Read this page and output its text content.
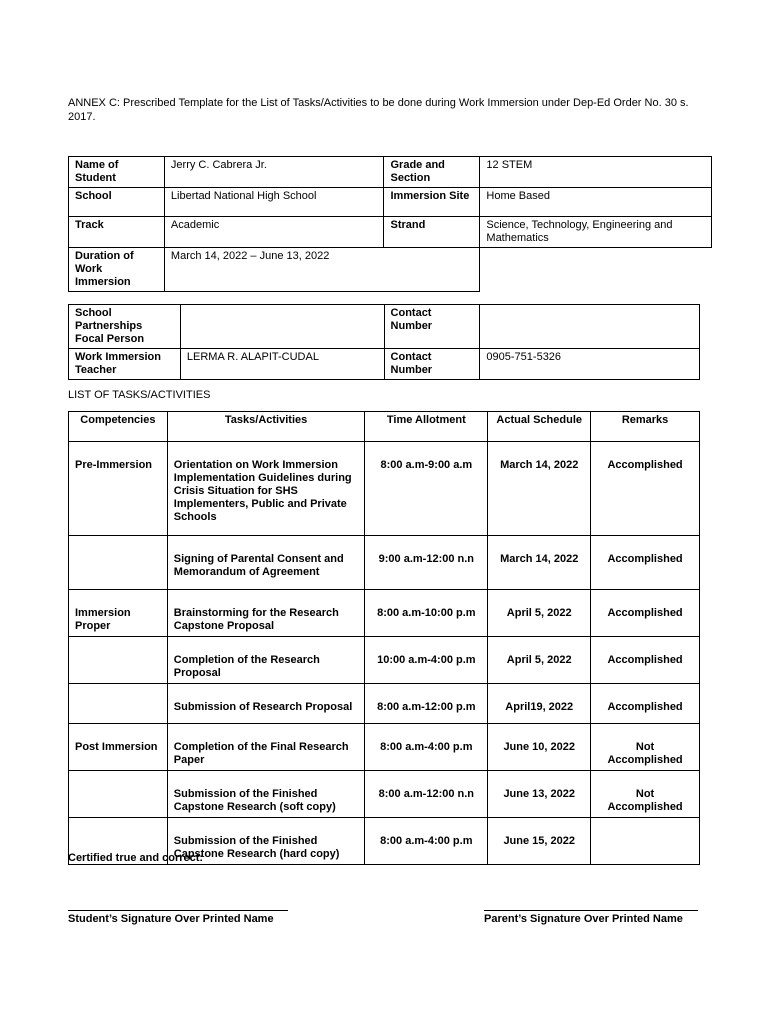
ANNEX C: Prescribed Template for the List of Tasks/Activities to be done during Work Immersion under Dep-Ed Order No. 30 s. 2017.
Name of Student	Jerry C. Cabrera Jr.	Grade and Section	12 STEM
School	Libertad National High School	Immersion Site	Home Based
Track	Academic	Strand	Science, Technology, Engineering and Mathematics
Duration of Work Immersion	March 14, 2022 – June 13, 2022		
School Partnerships Focal Person		Contact Number	
Work Immersion Teacher	LERMA R. ALAPIT-CUDAL	Contact Number	0905-751-5326
LIST OF TASKS/ACTIVITIES
Competencies	Tasks/Activities	Time Allotment	Actual Schedule	Remarks
Pre-Immersion	Orientation on Work Immersion Implementation Guidelines during Crisis Situation for SHS Implementers, Public and Private Schools	8:00 a.m-9:00 a.m	March 14, 2022	Accomplished
	Signing of Parental Consent and Memorandum of Agreement	9:00 a.m-12:00 n.n	March 14, 2022	Accomplished
Immersion Proper	Brainstorming for the Research Capstone Proposal	8:00 a.m-10:00 p.m	April 5, 2022	Accomplished
	Completion of the Research Proposal	10:00 a.m-4:00 p.m	April 5, 2022	Accomplished
	Submission of Research Proposal	8:00 a.m-12:00 p.m	April19, 2022	Accomplished
Post Immersion	Completion of the Final Research Paper	8:00 a.m-4:00 p.m	June 10, 2022	Not Accomplished
	Submission of the Finished Capstone Research (soft copy)	8:00 a.m-12:00 n.n	June 13, 2022	Not Accomplished
	Submission of the Finished Capstone Research (hard copy)	8:00 a.m-4:00 p.m	June 15, 2022	
Certified true and correct:
Student’s Signature Over Printed Name	Parent’s Signature Over Printed Name
